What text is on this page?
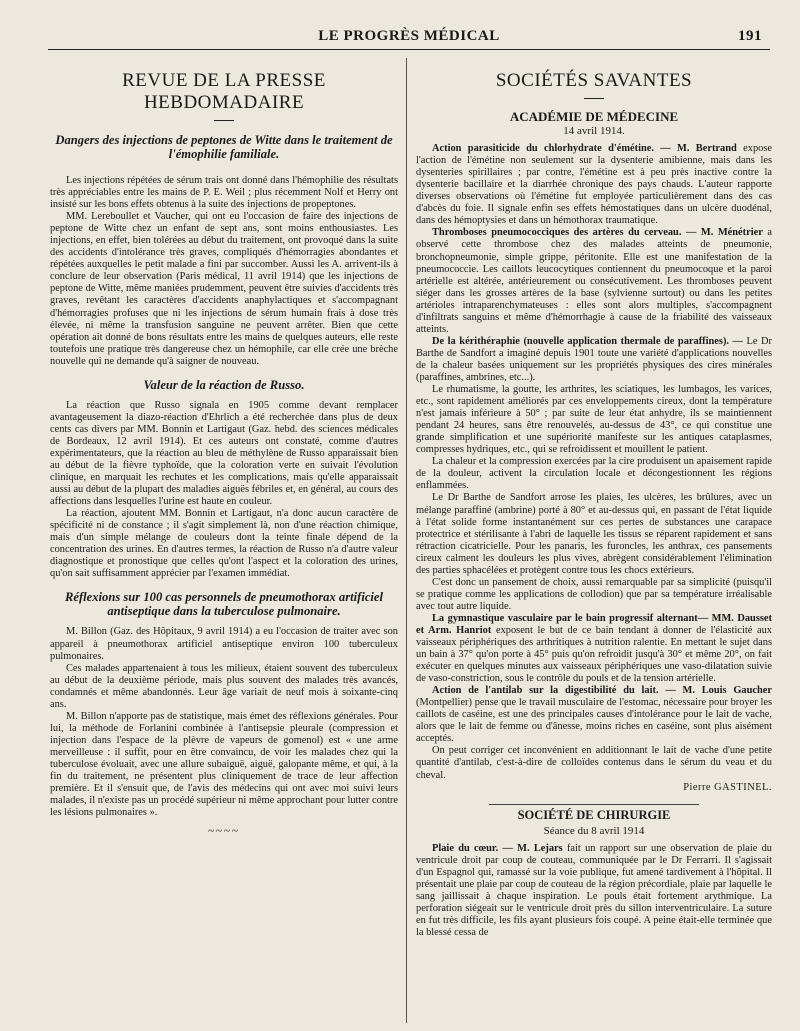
LE PROGRÈS MÉDICAL	191
REVUE DE LA PRESSE HEBDOMADAIRE
Dangers des injections de peptones de Witte dans le traitement de l'émophilie familiale.

Les injections répétées de sérum trais ont donné dans l'hémophilie des résultats très appréciables entre les mains de P. E. Weil ; plus récemment Nolf et Herry ont insisté sur les bons effets obtenus à la suite des injections de propeptones.

MM. Lereboullet et Vaucher, qui ont eu l'occasion de faire des injections de peptone de Witte chez un enfant de sept ans, sont moins enthousiastes. Les injections, en effet, bien tolérées au début du traitement, ont provoqué dans la suite des accidents d'intolérance très graves, compliqués d'hémorragies abondantes et répétées auxquelles le petit malade a fini par succomber. Aussi les A. arrivent-ils à conclure de leur observation (Paris médical, 11 avril 1914) que les injections de peptone de Witte, même maniées prudemment, peuvent être suivies d'accidents très graves, revêtant les caractères d'accidents anaphylactiques et s'accompagnant d'hémorragies profuses que ni les injections de sérum humain frais à dose très élevée, ni même la transfusion sanguine ne peuvent arrêter. Bien que cette opération ait donné de bons résultats entre les mains de quelques auteurs, elle reste toutefois une pratique très dangereuse chez un hémophile, car elle crée une brèche nouvelle qui ne demande qu'à saigner de nouveau.

Valeur de la réaction de Russo.

La réaction que Russo signala en 1905 comme devant remplacer avantageusement la diazo-réaction d'Ehrlich a été recherchée dans plus de deux cents cas divers par MM. Bonnin et Lartigaut (Gaz. hebd. des sciences médicales de Bordeaux, 12 avril 1914). Et ces auteurs ont constaté, comme d'autres expérimentateurs, que la réaction au bleu de méthylène de Russo apparaissait bien au début de la fièvre typhoïde, que la coloration verte en suivait l'évolution clinique, en marquait les rechutes et les complications, mais qu'elle apparaissait aussi au début de la plupart des maladies aiguës fébriles et, en général, au cours des affections dans lesquelles l'urine est haute en couleur.

La réaction, ajoutent MM. Bonnin et Lartigaut, n'a donc aucun caractère de spécificité ni de constance ; il s'agit simplement là, non d'une réaction chimique, mais d'un simple mélange de couleurs dont la teinte finale dépend de la concentration des urines. En d'autres termes, la réaction de Russo n'a d'autre valeur diagnostique et pronostique que celles qu'ont l'aspect et la coloration des urines, qu'on sait suffisamment apprécier par l'examen immédiat.

Réflexions sur 100 cas personnels de pneumothorax artificiel antiseptique dans la tuberculose pulmonaire.

M. Billon (Gaz. des Hôpitaux, 9 avril 1914) a eu l'occasion de traiter avec son appareil à pneumothorax artificiel antiseptique environ 100 tuberculeux pulmonaires.

Ces malades appartenaient à tous les milieux, étaient souvent des tuberculeux au début de la deuxième période, mais plus souvent des malades très avancés, condamnés et même abandonnés. Leur âge variait de neuf mois à soixante-cinq ans.

M. Billon n'apporte pas de statistique, mais émet des réflexions générales. Pour lui, la méthode de Forlanini combinée à l'antisepsie pleurale (compression et injection dans l'espace de la plèvre de vapeurs de gomenol) est « une arme merveilleuse : il suffit, pour en être convaincu, de voir les malades chez qui la tuberculose évoluait, avec une allure subaiguë, aiguë, galopante même, et qui, à la fin du traitement, ne présentent plus cliniquement de trace de leur affection première. Et il s'ensuit que, de l'avis des médecins qui ont avec moi suivi leurs malades, il n'existe pas un procédé supérieur ni même approchant pour lutter contre les lésions pulmonaires ».

~~~~
SOCIÉTÉS SAVANTES
ACADÉMIE DE MÉDECINE
14 avril 1914.

Action parasiticide du chlorhydrate d'émétine. — M. Bertrand expose l'action de l'émétine non seulement sur la dysenterie amibienne, mais dans les dysenteries spirillaires ; par contre, l'émétine est à peu près inactive contre la dysenterie bacillaire et la diarrhée chronique des pays chauds. L'auteur rapporte diverses observations où l'émétine fut employée particulièrement dans des cas d'abcès du foie. Il signale enfin ses effets hémostatiques dans un ulcère duodénal, dans des hémoptysies et dans un hémothorax traumatique.

Thromboses pneumococciques des artères du cerveau. — M. Ménétrier a observé cette thrombose chez des malades atteints de pneumonie, bronchopneumonie, simple grippe, péritonite. Elle est une manifestation de la pneumococcie. Les caillots leucocytiques contiennent du pneumocoque et la paroi artérielle est altérée, antérieurement ou consécutivement. Les thromboses peuvent siéger dans les grosses artères de la base (sylvienne surtout) ou dans les petites artérioles intraparenchymateuses : elles sont alors multiples, s'accompagnent d'infiltrats sanguins et même d'hémorrhagie à cause de la friabilité des vaisseaux atteints.

De la kérithéraphie (nouvelle application thermale de paraffines). — Le Dr Barthe de Sandfort a imaginé depuis 1901 toute une variété d'applications nouvelles de la chaleur basées uniquement sur les propriétés physiques des cires minérales (paraffines, ambrines, etc...).

Le rhumatisme, la goutte, les arthrites, les sciatiques, les lumbagos, les varices, etc., sont rapidement améliorés par ces enveloppements cireux, dont la température n'est jamais inférieure à 50° ; par suite de leur état anhydre, ils se maintiennent pendant 24 heures, sans être renouvelés, au-dessus de 43°, ce qui constitue une grande simplification et une supériorité manifeste sur les antiques cataplasmes, compresses hydriques, etc., qui se refroidissent et mouillent le patient.

La chaleur et la compression exercées par la cire produisent un apaisement rapide de la douleur, activent la circulation locale et décongestionnent les régions enflammées.

Le Dr Barthe de Sandfort arrose les plaies, les ulcères, les brûlures, avec un mélange paraffiné (ambrine) porté à 80° et au-dessus qui, en passant de l'état liquide à l'état solide forme instantanément sur ces pertes de substances une carapace protectrice et stérilisante à l'abri de laquelle les tissus se réparent rapidement et sans rétraction cicatricielle. Pour les panaris, les furoncles, les anthrax, ces pansements cireux calment les douleurs les plus vives, abrègent considérablement l'élimination des parties sphacélées et protègent contre tous les chocs extérieurs.

C'est donc un pansement de choix, aussi remarquable par sa simplicité (puisqu'il se pratique comme les applications de collodion) que par sa température irréalisable avec tout autre liquide.

La gymnastique vasculaire par le bain progressif alternant— MM. Dausset et Arm. Hanriot exposent le but de ce bain tendant à donner de l'élasticité aux vaisseaux périphériques des arthritiques à nutrition ralentie. En mettant le sujet dans un bain à 37° qu'on porte à 45° puis qu'on refroidit jusqu'à 30° et même 20°, on fait exécuter en quelques minutes aux vaisseaux périphériques une vaso-dilatation suivie de vaso-constriction, sous le contrôle du pouls et de la tension artérielle.

Action de l'antilab sur la digestibilité du lait. — M. Louis Gaucher (Montpellier) pense que le travail musculaire de l'estomac, nécessaire pour broyer les caillots de caséine, est une des principales causes d'intolérance pour le lait de vache, alors que le lait de femme ou d'ânesse, moins riches en caséine, sont plus aisément acceptés.

On peut corriger cet inconvénient en additionnant le lait de vache d'une petite quantité d'antilab, c'est-à-dire de colloïdes contenus dans le sérum du veau et du cheval.

Pierre GASTINEL.
SOCIÉTÉ DE CHIRURGIE
Séance du 8 avril 1914

Plaie du cœur. — M. Lejars fait un rapport sur une observation de plaie du ventricule droit par coup de couteau, communiquée par le Dr Ferrarri. Il s'agissait d'un Espagnol qui, ramassé sur la voie publique, fut amené tardivement à l'hôpital. Il présentait une plaie par coup de couteau de la région précordiale, plaie par laquelle le sang jaillissait à chaque inspiration. Le pouls était fortement arythmique. La perforation siégeait sur le ventricule droit près du sillon interventriculaire. La suture en fut très difficile, les fils ayant plusieurs fois coupé. A peine était-elle terminée que la blessé cessa de
